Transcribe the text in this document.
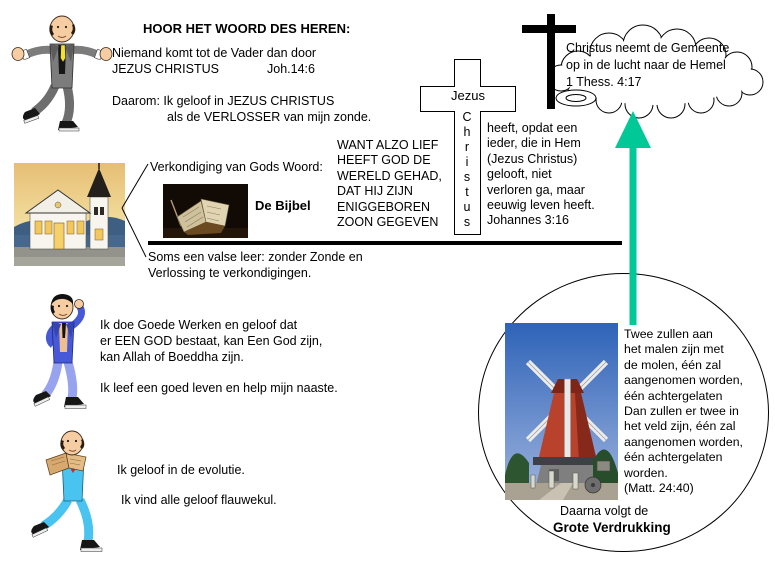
HOOR HET WOORD DES HEREN:
Niemand komt tot de Vader dan door
JEZUS CHRISTUS	Joh.14:6
Daarom: Ik geloof in JEZUS CHRISTUS
als de VERLOSSER van mijn zonde.
Christus neemt de Gemeente
op in de lucht naar de Hemel
1 Thess. 4:17
Jezus
C
h
r
i
s
t
u
s
WANT ALZO LIEF
HEEFT GOD DE
WERELD GEHAD,
DAT HIJ ZIJN
ENIGGEBOREN
ZOON GEGEVEN
heeft, opdat een
ieder, die in Hem
(Jezus Christus)
gelooft, niet
verloren ga, maar
eeuwig leven heeft.
Johannes 3:16
Verkondiging van Gods Woord:
De Bijbel
Soms een valse leer: zonder Zonde en
Verlossing te verkondigingen.
Ik doe Goede Werken en geloof dat
er EEN GOD bestaat, kan Een God zijn,
kan Allah of Boeddha zijn.
Ik leef een goed leven en help mijn naaste.
Ik geloof in de evolutie.
Ik vind alle geloof flauwekul.
Twee zullen aan
het malen zijn met
de molen, één zal
aangenomen worden,
één achtergelaten
Dan zullen er twee in
het veld zijn, één zal
aangenomen worden,
één achtergelaten
worden.
(Matt. 24:40)
Daarna volgt de
Grote Verdrukking
